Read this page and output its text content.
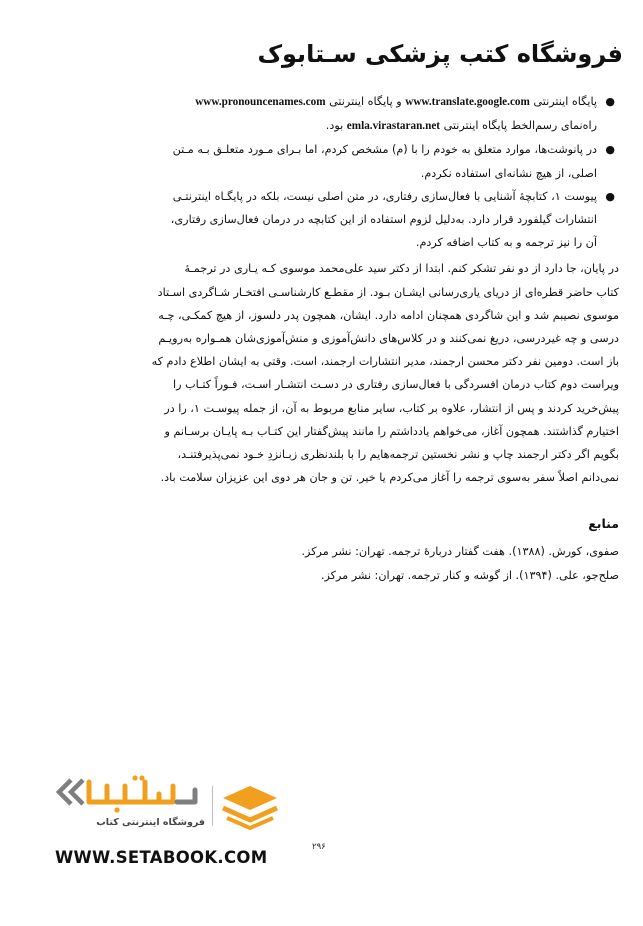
فروشگاه کتب پزشکی سـتابوک
پایگاه اینترنتی www.translate.google.com و پایگاه اینترنتی www.pronouncenames.com	●
راه‌نمای رسم‌الخط پایگاه اینترنتی emla.virastaran.net بود.
●
در پانوشت‌ها، موارد متعلق به خودم را با (م) مشخص کردم، اما بـرای مـورد متعلـق بـه مـتن
اصلی، از هیچ نشانه‌ای استفاده نکردم.
●
پیوست ۱، کتابچهٔ آشنایی با فعال‌سازی رفتاری، در متن اصلی نیست، بلکه در پایگـاه اینترنتـی
انتشارات گیلفورد قرار دارد. به‌دلیل لزوم استفاده از این کتابچه در درمان فعال‌سازی رفتاری،
آن را نیز ترجمه و به کتاب اضافه کردم.
در پایان، جا دارد از دو نفر تشکر کنم. ابتدا از دکتر سید علی‌محمد موسوی کـه یـاری در ترجمـهٔ
کتاب حاضر قطره‌ای از دریای یاری‌رسانی ایشـان بـود. از مقطـع کارشناسـی افتخـار شـاگردی اسـتاد
موسوی نصیبم شد و این شاگردی همچنان ادامه دارد. ایشان، همچون پدر دلسوز، از هیچ کمکـی، چـه
درسی و چه غیردرسی، دریغ نمی‌کنند و در کلاس‌های دانش‌آموزی و منش‌آموزی‌شان همـواره به‌رویـم
باز است. دومین نفر دکتر محسن ارجمند، مدیر انتشارات ارجمند، است. وقتی به ایشان اطلاع دادم که
ویراست دوم کتاب درمان افسردگی با فعال‌سازی رفتاری در دسـت انتشـار اسـت، فـوراً کتـاب را
پیش‌خرید کردند و پس از انتشار، علاوه بر کتاب، سایر منابع مربوط به آن، از جمله پیوسـت ۱، را در
اختیارم گذاشتند. همچون آغاز، می‌خواهم یادداشتم را مانند پیش‌گفتار این کتـاب بـه پایـان برسـانم و
بگویم اگر دکتر ارجمند چاپ و نشر نخستین ترجمه‌هایم را با بلندنظری زبـانزدِ خـود نمی‌پذیرفتنـد،
نمی‌دانم اصلاً سفر به‌سوی ترجمه را آغاز می‌کردم یا خیر. تن و جان هر دوی این عزیزان سلامت باد.
منابع
صفوی، کورش. (۱۳۸۸). هفت گفتار دربارهٔ ترجمه. تهران: نشر مرکز.
صلح‌جو، علی. (۱۳۹۴). از گوشه و کنار ترجمه. تهران: نشر مرکز.
فروشگاه اینترنتی کتاب
WWW.SETABOOK.COM
۲۹۶
